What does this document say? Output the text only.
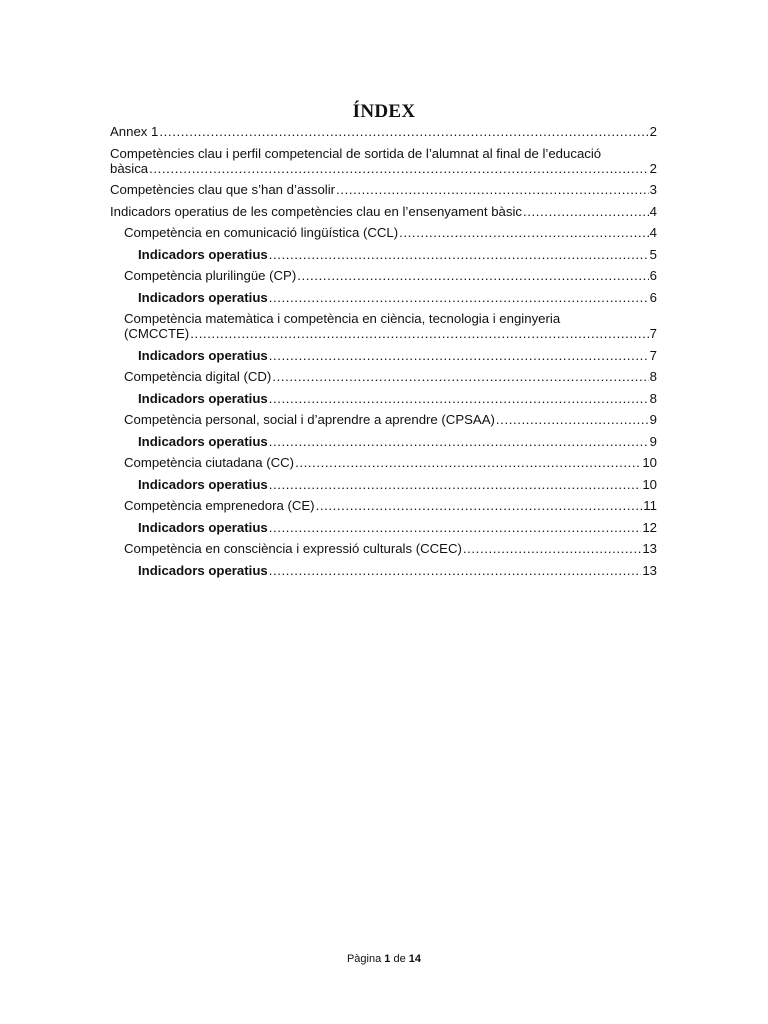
ÍNDEX
Annex 1 .....	2
Competències clau i perfil competencial de sortida de l’alumnat al final de l’educació
bàsica .....	2
Competències clau que s’han d’assolir .....	3
Indicadors operatius de les competències clau en l’ensenyament bàsic .....	4
Competència en comunicació lingüística (CCL) .....	4
Indicadors operatius .....	5
Competència plurilingüe (CP) .....	6
Indicadors operatius .....	6
Competència matemàtica i competència en ciència, tecnologia i enginyeria
(CMCCTE) .....	7
Indicadors operatius .....	7
Competència digital (CD) .....	8
Indicadors operatius .....	8
Competència personal, social i d’aprendre a aprendre (CPSAA) .....	9
Indicadors operatius .....	9
Competència ciutadana (CC) .....	10
Indicadors operatius .....	10
Competència emprenedora (CE) .....	11
Indicadors operatius .....	12
Competència en consciència i expressió culturals (CCEC) .....	13
Indicadors operatius .....	13
Pàgina 1 de 14
